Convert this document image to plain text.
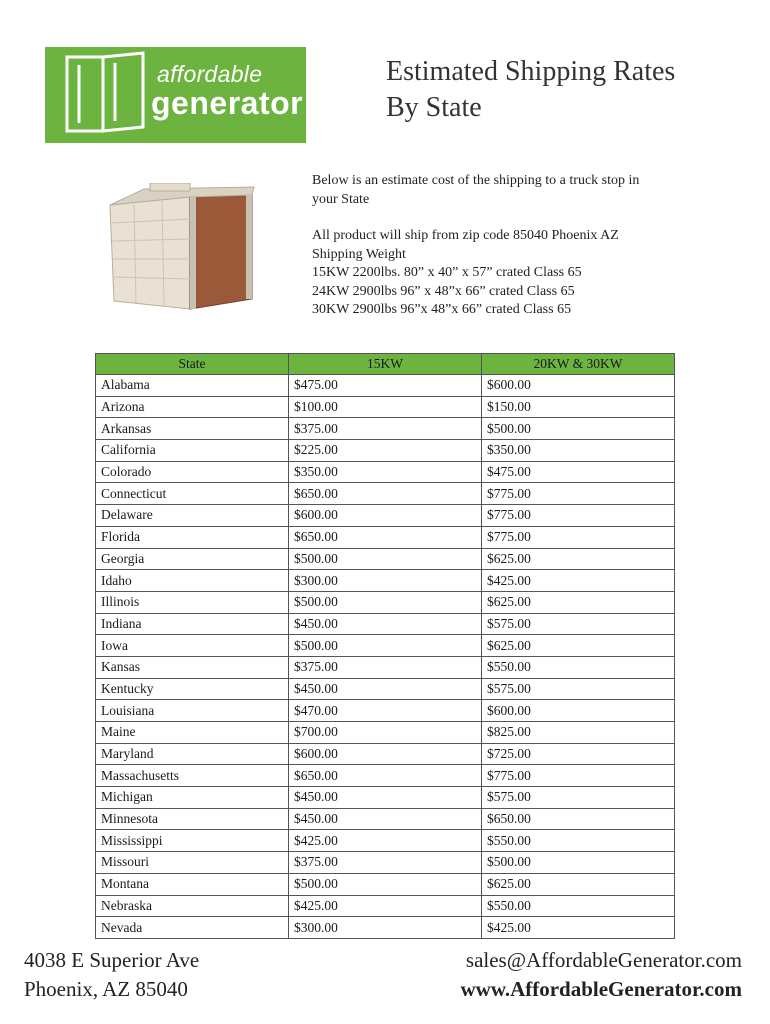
affordable
generator
Estimated Shipping Rates
By State

Below is an estimate cost of the shipping to a truck stop in

your State

All product will ship from zip code 85040 Phoenix AZ

Shipping Weight

15KW 2200lbs. 80” x 40” x 57” crated Class 65

24KW 2900lbs 96” x 48”x 66” crated Class 65

30KW 2900lbs 96”x 48”x 66” crated Class 65

State	15KW	20KW & 30KW
Alabama	$475.00	$600.00
Arizona	$100.00	$150.00
Arkansas	$375.00	$500.00
California	$225.00	$350.00
Colorado	$350.00	$475.00
Connecticut	$650.00	$775.00
Delaware	$600.00	$775.00
Florida	$650.00	$775.00
Georgia	$500.00	$625.00
Idaho	$300.00	$425.00
Illinois	$500.00	$625.00
Indiana	$450.00	$575.00
Iowa	$500.00	$625.00
Kansas	$375.00	$550.00
Kentucky	$450.00	$575.00
Louisiana	$470.00	$600.00
Maine	$700.00	$825.00
Maryland	$600.00	$725.00
Massachusetts	$650.00	$775.00
Michigan	$450.00	$575.00
Minnesota	$450.00	$650.00
Mississippi	$425.00	$550.00
Missouri	$375.00	$500.00
Montana	$500.00	$625.00
Nebraska	$425.00	$550.00
Nevada	$300.00	$425.00
4038 E Superior Ave
Phoenix, AZ 85040
sales@AffordableGenerator.com
www.AffordableGenerator.com
